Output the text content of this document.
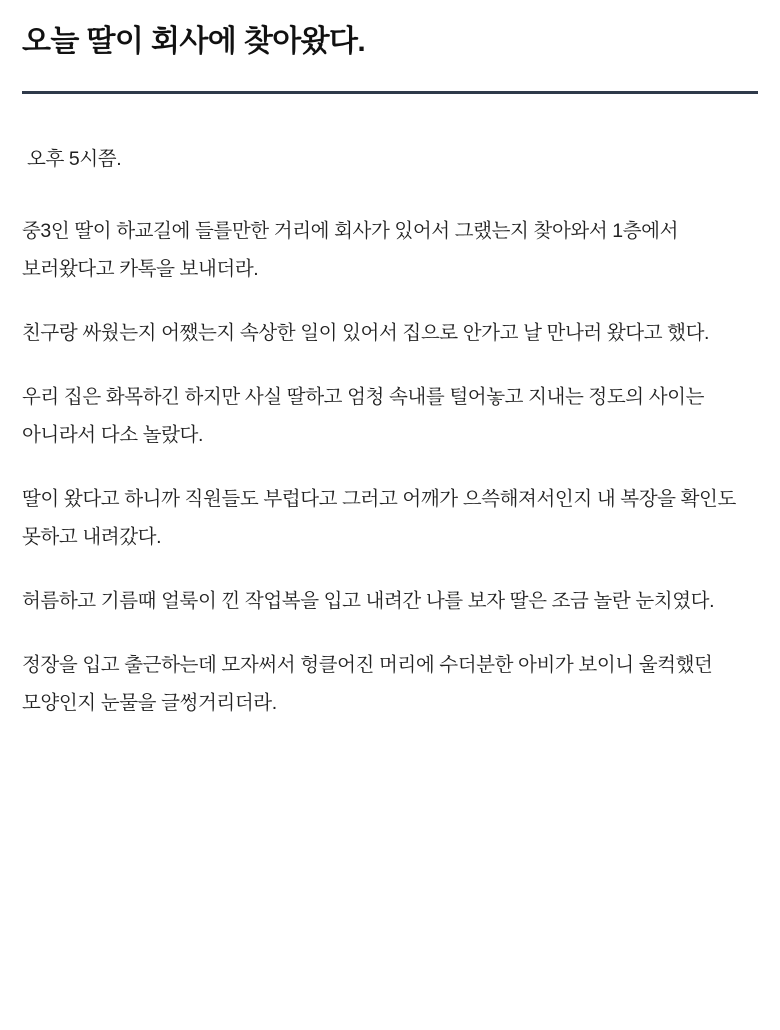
오늘 딸이 회사에 찾아왔다.

오후 5시쯤.

중3인 딸이 하교길에 들를만한 거리에 회사가 있어서 그랬는지 찾아와서 1층에서 보러왔다고 카톡을 보내더라.

친구랑 싸웠는지 어쨌는지 속상한 일이 있어서 집으로 안가고 날 만나러 왔다고 했다.

우리 집은 화목하긴 하지만 사실 딸하고 엄청 속내를 털어놓고 지내는 정도의 사이는 아니라서 다소 놀랐다.

딸이 왔다고 하니까 직원들도 부럽다고 그러고 어깨가 으쓱해져서인지 내 복장을 확인도 못하고 내려갔다.

허름하고 기름때 얼룩이 낀 작업복을 입고 내려간 나를 보자 딸은 조금 놀란 눈치였다.

정장을 입고 출근하는데 모자써서 헝클어진 머리에 수더분한 아비가 보이니 울컥했던 모양인지 눈물을 글썽거리더라.
